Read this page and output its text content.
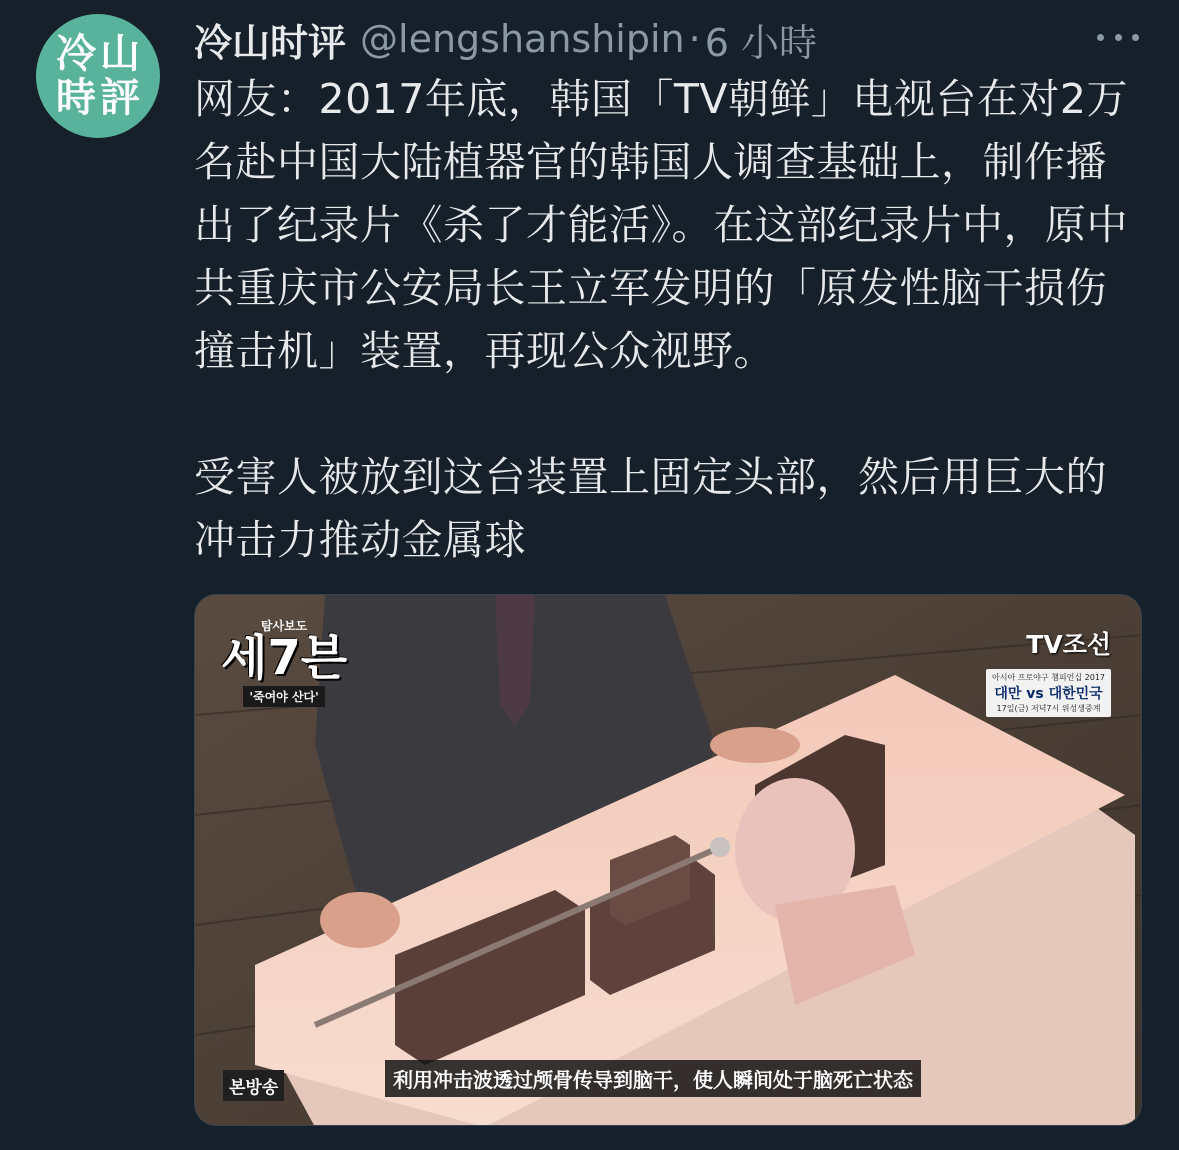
冷 山
時 評
冷山时评 @lengshanshipin · 6 小時

网友：2017年底，韩国「TV朝鲜」电视台在对2万名赴中国大陆植器官的韩国人调查基础上，制作播出了纪录片《杀了才能活》。在这部纪录片中，原中共重庆市公安局长王立军发明的「原发性脑干损伤撞击机」装置，再现公众视野。

受害人被放到这台装置上固定头部，然后用巨大的冲击力推动金属球

탐사보도
세7븐
'죽여야 산다'
TV조선
아시아 프로야구 챔피언십 2017
대만 vs 대한민국
17일(금) 저녁7시 위성생중계
본방송	利用冲击波透过颅骨传导到脑干，使人瞬间处于脑死亡状态
